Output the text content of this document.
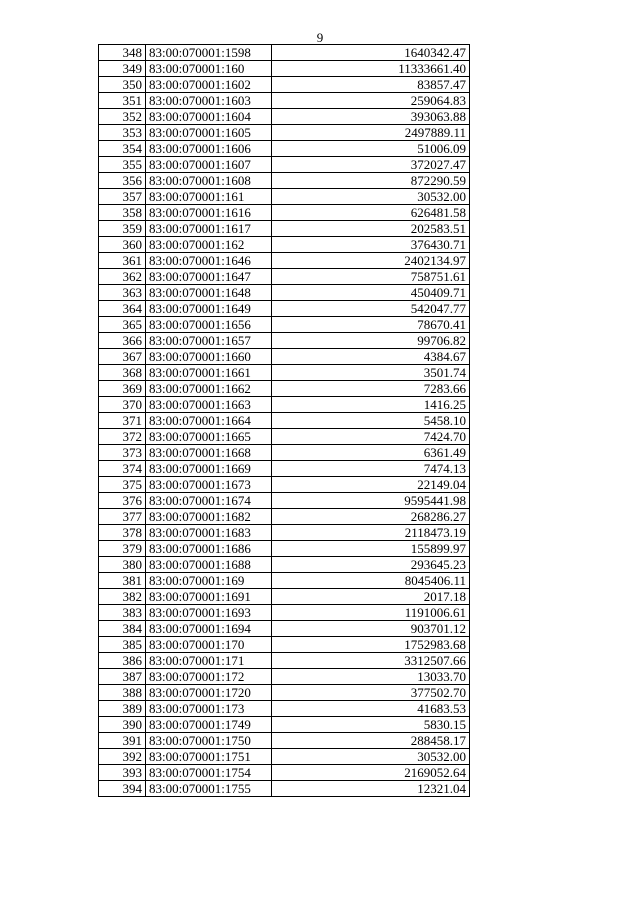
9
348	83:00:070001:1598	1640342.47
349	83:00:070001:160	11333661.40
350	83:00:070001:1602	83857.47
351	83:00:070001:1603	259064.83
352	83:00:070001:1604	393063.88
353	83:00:070001:1605	2497889.11
354	83:00:070001:1606	51006.09
355	83:00:070001:1607	372027.47
356	83:00:070001:1608	872290.59
357	83:00:070001:161	30532.00
358	83:00:070001:1616	626481.58
359	83:00:070001:1617	202583.51
360	83:00:070001:162	376430.71
361	83:00:070001:1646	2402134.97
362	83:00:070001:1647	758751.61
363	83:00:070001:1648	450409.71
364	83:00:070001:1649	542047.77
365	83:00:070001:1656	78670.41
366	83:00:070001:1657	99706.82
367	83:00:070001:1660	4384.67
368	83:00:070001:1661	3501.74
369	83:00:070001:1662	7283.66
370	83:00:070001:1663	1416.25
371	83:00:070001:1664	5458.10
372	83:00:070001:1665	7424.70
373	83:00:070001:1668	6361.49
374	83:00:070001:1669	7474.13
375	83:00:070001:1673	22149.04
376	83:00:070001:1674	9595441.98
377	83:00:070001:1682	268286.27
378	83:00:070001:1683	2118473.19
379	83:00:070001:1686	155899.97
380	83:00:070001:1688	293645.23
381	83:00:070001:169	8045406.11
382	83:00:070001:1691	2017.18
383	83:00:070001:1693	1191006.61
384	83:00:070001:1694	903701.12
385	83:00:070001:170	1752983.68
386	83:00:070001:171	3312507.66
387	83:00:070001:172	13033.70
388	83:00:070001:1720	377502.70
389	83:00:070001:173	41683.53
390	83:00:070001:1749	5830.15
391	83:00:070001:1750	288458.17
392	83:00:070001:1751	30532.00
393	83:00:070001:1754	2169052.64
394	83:00:070001:1755	12321.04
